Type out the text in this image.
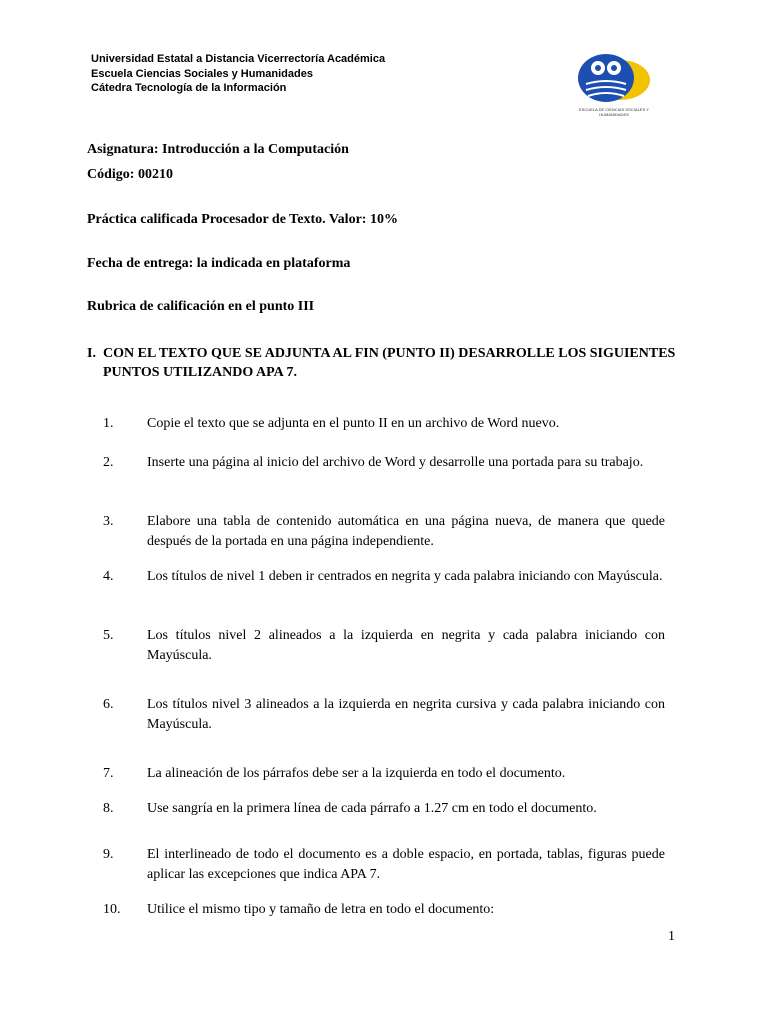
Universidad Estatal a Distancia Vicerrectoría Académica
Escuela Ciencias Sociales y Humanidades
Cátedra Tecnología de la Información
ESCUELA DE CIENCIAS SOCIALES Y HUMANIDADES
Asignatura: Introducción a la Computación
Código: 00210
Práctica calificada Procesador de Texto. Valor: 10%
Fecha de entrega: la indicada en plataforma
Rubrica de calificación en el punto III
I. CON EL TEXTO QUE SE ADJUNTA AL FIN (PUNTO II) DESARROLLE LOS SIGUIENTES PUNTOS UTILIZANDO APA 7.
1. Copie el texto que se adjunta en el punto II en un archivo de Word nuevo.
2. Inserte una página al inicio del archivo de Word y desarrolle una portada para su trabajo.
3. Elabore una tabla de contenido automática en una página nueva, de manera que quede después de la portada en una página independiente.
4. Los títulos de nivel 1 deben ir centrados en negrita y cada palabra iniciando con Mayúscula.
5. Los títulos nivel 2 alineados a la izquierda en negrita y cada palabra iniciando con Mayúscula.
6. Los títulos nivel 3 alineados a la izquierda en negrita cursiva y cada palabra iniciando con Mayúscula.
7. La alineación de los párrafos debe ser a la izquierda en todo el documento.
8. Use sangría en la primera línea de cada párrafo a 1.27 cm en todo el documento.
9. El interlineado de todo el documento es a doble espacio, en portada, tablas, figuras puede aplicar las excepciones que indica APA 7.
10. Utilice el mismo tipo y tamaño de letra en todo el documento:
1
